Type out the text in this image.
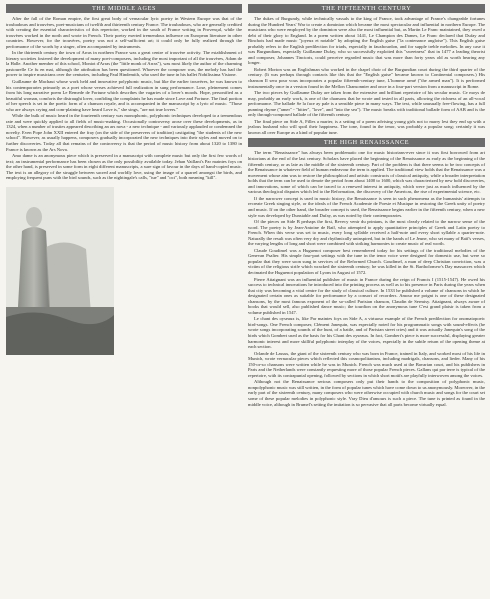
THE MIDDLE AGES

After the fall of the Roman empire, the first great body of vernacular lyric poetry in Western Europe was that of the troubadours and trouvères, poet-musicians of twelfth and thirteenth century France. The troubadours, who are generally credited with creating the essential characteristics of this repertoire, worked in the south of France writing in Provençal, while the trouvères worked in the north and wrote in French. Their poetry exerted tremendous influence on European literature in other countries. However, for the trouvères, poetry was not a self-sufficient art; it could only be fully realized through the performance of the words by a singer, often accompanied by instruments.

In the thirteenth century the town of Arras in northern France was a great centre of trouvère activity. The establishment of literary societies fostered the development of many poet-composers, including the most important of all the trouvères, Adam de la Halle. Another member of this school, Moniot d'Arras (the "little monk of Arras"), was most likely the author of the charming pastourelle Ce fu en mai, although the attribution has been questioned. Whoever the composer was, the melody has had the power to inspire musicians over the centuries, including Paul Hindemith, who used the tune in his ballet Nobilissima Visione.

Guillaume de Machaut whose work held and innovative polyphonic music, but like the earlier trouvères, he was known to his contemporaries primarily as a poet whose verses achieved full realization in sung performance. Lose, pleinement comes from his long narrative poem Le Remede de Fortune which describes the vagaries of a lover's moods. Hope, personified as a beautiful woman, comforts the distraught lover, confiding the complaints he has made since Love and Fortune. The final portion of her speech is set in the poetic form of a chanson royale, and is accompanied in the manuscript by a lyric of music. "Those who are always crying and com-plaining have heard Love is," she sings, "are not true lovers."

While the bulk of music heard in the fourteenth century was monophonic, polyphonic techniques developed to a tremendous rate and were quickly applied to all fields of music-making. Occasionally controversy arose over these developments, as in 1324, when a number of trusties appeared describing an ars nova - a new technique - and variously applauded or condemned the novelty. Even Pope John XXII entered the fray (on the side of the preservers of tradition) castigating "the students of the new school". However, as usually happens, composers gradually incorporated the new techniques into their styles and moved on to further discoveries. Today all that remains of the controversy is that the period of music history from about 1320 to 1380 in France is known as the Ars Nova.

Amo dame is an anonymous piece which is preserved in a manuscript with complete music but only the first few words of text; an instrumental performance has been chosen as the only possibility available today. Jehan Vaillant's Par maintes foys on the other hand, is preserved in some form in eight different manuscripts, a sure sign of favour in the days of hand-copied music. The text is an allegory of the struggle between sacred and worldly love, using the image of a quarrel amongst the birds, and employing frequent puns with the bird sounds, such as the nightingale's calls, "tue" and "oci", both meaning "kill".

THE FIFTEENTH CENTURY

The dukes of Burgundy, while technically vassals to the king of France, took advantage of France's changeable fortunes during the Hundred Years' War to create a dominion which became the most spectacular and influential in northern Europe. The musicians who were employed by the dominion were also the most influential but, as Martin Le Franc maintained, they owed a debt of their glory to England. In a poem written about 1441, Le Champion des Dames, Le Franc declared that Dufay and Binchois had made music "joyeux et notable" by adopting the English guise ("la contenance angloise"). This English guise probably refers to the English predilection for triads, especially in fauxbourdon, and for supple treble melodies. In any case it was Burgundians, especially Guillaume Dufay, who so successfully exploited this "sweetness" that in 1477 a leading theorist and composer, Johannes Tinctoris, could perceive regarded music that was more than forty years old as worth hearing any longer.

Robert Morton was an Englishman who worked in the chapel choir of the Burgundian court during the third quarter of the century. (It was perhaps through contacts like this that the "English guise" became known to Continental composers.) His chanson Il sera pour vous incorporates a popular fifteenth-century tune, L'homme armé ("the armed man"). It is performed instrumentally once in a version found in the Mellon Chansonnier and once in a four-part version from a manuscript in Rome.

The two pieces by Guillaume Dufay are taken from the extensive and brilliant repertoire of his secular music. Ce moys de may, probably an early work, is one of the chansons that he wrote and tested in all parts, allowing the richness of an all-vocal performance. The ballade Se la face ay pale is a sensible piece in many ways. The text, while unusually free-flowing, has a full punning rhyme ("amer" - "bitter", "love", and "into the sea"). The music breaks with traditional ballade form of AAB and is the only through-composed ballade of the fifteenth century.

The final piece on Side A, Filles a marier, is a setting of a poem advising young girls not to marry lest they end up with a jealous husband who will spoil their happiness. The tone, found in the tenor, was probably a popular song; certainly it was known all over Europe as a kind of popular tune.

THE HIGH RENAISSANCE

The term "Renaissance" has always been problematic one for music historians-ever since it was first borrowed from art historians at the end of the last century. Scholars have placed the beginning of the Renaissance as early as the beginning of the fifteenth century, or as late as the middle of the sixteenth century. Part of the problem is that there seems to be two concepts of the Renaissance in whatever field of human endeavour the term is applied. The traditional view holds that the Renaissance was a movement whose aim was to restore the philosophical and artistic constructs of classical antiquity, while a broader interpretation holds that the term can be used to denote the period from about 1400 to 1600, which was characterized by new bold discoveries, and innovations, some of which can be traced to a renewed interest in antiquity, which were just as much influenced by the various theological disputes which led to the Reformation, the discovery of the Americas, the rise of experimental science, etc.

If the narrower concept is used in music history, the Renaissance is seen in such phenomena as the humanists' attempts to recreate Greek singing style, or the ideals of the French Academie de Poesie et Musique in restoring the Greek unity of poetry and music. If on the other hand, the broader concept is used, the Renaissance begins earlier in the fifteenth century, when a new style was developed by Dunstable and Dufay, as was noted by their contemporaries.

Of the pieces on Side B perhaps the first, Revecy venir du printans, is the most clearly related to the narrow sense of the word. The poetry is by Jean-Antoine de Baïf, who attempted to apply quantitative principles of Greek and Latin poetry to French. When this verse was set to music, every long syllable received a half-note and every short syllable a quarter-note. Naturally the result was often very dry and rhythmically uninspired, but in the hands of Le Jeune, who set many of Baïf's verses, the varying lengths of long and short were combined with striking harmonies to create music of real worth.

Claude Goudimel was a Huguenot composer best remembered today for his settings of the traditional melodies of the Genevan Psalter. His simple four-part settings with the tune in the tenor voice were designed for domestic use, but were so popular that they were soon sung in services of the Reformed Church. Goudimel, a man of deep Christian conviction, was a victim of the religious strife which wracked the sixteenth century; he was killed in the St. Bartholomew's Day massacres which decimated the Huguenot population of Lyons in August of 1572.

Pierre Attaignant was an influential publisher of music in France during the reign of Francis I (1515-1547). He owed his success to technical innovations he introduced into the printing process as well as to his presence in Paris during the years when that city was becoming a vital centre for the study of classical culture. In 1533 he published a volume of chansons in which he designated certain ones as suitable for performance by a consort of recorders. Amour me poignt is one of these designated chansons, by the most famous exponent of the so-called Parisian chanson, Claudin de Sermisy. Attaignant, always aware of books that would sell, also published dance music; the tourdion on the anonymous tune C'est grand plaisir is taken from a volume published in 1547.

Le chant des oyseaux is, like Par maintes foys on Side A, a virtuoso example of the French predilection for onomatopoeic bird-songs. One French composer, Clément Janequin, was especially noted for his programmatic songs with sound-effects (he wrote songs incorporating sounds of the hunt, of a battle, and of Parisian street cries) and it was actually Janequin's song of the birds which Gombert used as the basis for his Chant des oyseaux. In fact, Gombert's piece is more successful, displaying greater harmonic interest and more skillful polyphonic interplay of the voices, especially in the subtle return of the opening theme at each section.

Orlande de Lassus, the giant of the sixteenth century who was born in France, trained in Italy, and worked most of his life in Munich, wrote vernacular pieces which reflected this cosmopolitanism, including madrigals, chansons, and lieder. Many of his 150-or-so chansons were written while he was in Munich. French was much used at the Bavarian court, and his publishers in Paris and the Netherlands were constantly requesting more of those popular French pieces. Gallans qui par terre is typical of the repertoire, with its contrapuntal opening, followed by sections in which short motifs are playfully interwoven among the voices.

Although not the Renaissance serious composers only put their hands to the composition of polyphonic music, nonpolyphonic music was still written, in the form of popular tunes which have come down to us anonymously. Moreover, in the early part of the sixteenth century, many composers who were otherwise occupied with church music and songs for the court set some of these popular melodies in polyphonic style. Vray Dieu d'amours is such a piece. The tune is printed as found in the middle voice, although in Brumel's setting the imitation is so pervasive that all parts become virtually equal.
